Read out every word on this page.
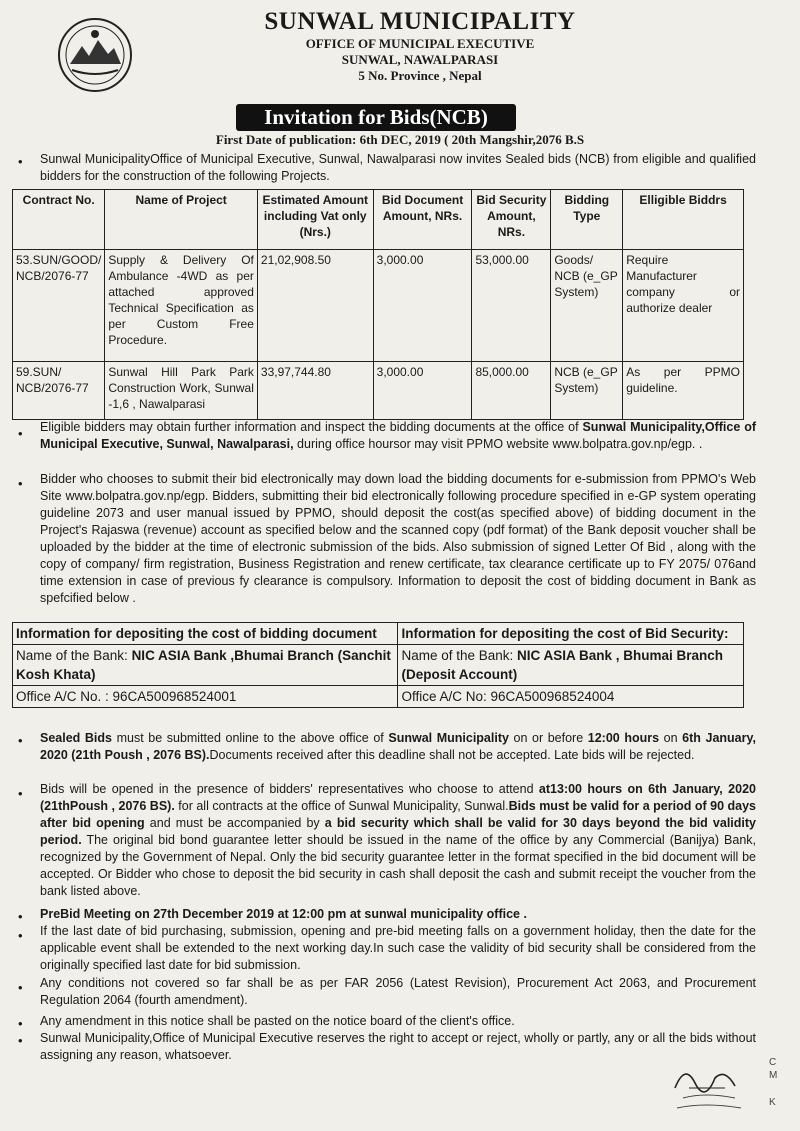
SUNWAL MUNICIPALITY
OFFICE OF MUNICIPAL EXECUTIVE
SUNWAL, NAWALPARASI
5 No. Province , Nepal
Invitation for Bids(NCB)
First Date of publication: 6th DEC, 2019 ( 20th Mangshir,2076 B.S
• Sunwal MunicipalityOffice of Municipal Executive, Sunwal, Nawalparasi now invites Sealed bids (NCB) from eligible and qualified bidders for the construction of the following Projects.
Contract No.	Name of Project	Estimated Amount including Vat only (Nrs.)	Bid Document Amount, NRs.	Bid Security Amount, NRs.	Bidding Type	Elligible Biddrs
53.SUN/GOOD/ NCB/2076-77	Supply & Delivery Of Ambulance -4WD as per attached approved Technical Specification as per Custom Free Procedure.	21,02,908.50	3,000.00	53,000.00	Goods/ NCB (e_GP System)	Require Manufacturer company or authorize dealer
59.SUN/ NCB/2076-77	Sunwal Hill Park Park Construction Work, Sunwal -1,6 , Nawalparasi	33,97,744.80	3,000.00	85,000.00	NCB (e_GP System)	As per PPMO guideline.
• Eligible bidders may obtain further information and inspect the bidding documents at the office of Sunwal Municipality,Office of Municipal Executive, Sunwal, Nawalparasi, during office hoursor may visit PPMO website www.bolpatra.gov.np/egp. .
• Bidder who chooses to submit their bid electronically may down load the bidding documents for e-submission from PPMO's Web Site www.bolpatra.gov.np/egp. Bidders, submitting their bid electronically following procedure specified in e-GP system operating guideline 2073 and user manual issued by PPMO, should deposit the cost(as specified above) of bidding document in the Project's Rajaswa (revenue) account as specified below and the scanned copy (pdf format) of the Bank deposit voucher shall be uploaded by the bidder at the time of electronic submission of the bids. Also submission of signed Letter Of Bid , along with the copy of company/ firm registration, Business Registration and renew certificate, tax clearance certificate up to FY 2075/ 076and time extension in case of previous fy clearance is compulsory. Information to deposit the cost of bidding document in Bank as spefcified below .
Information for depositing the cost of bidding document	Information for depositing the cost of Bid Security:
Name of the Bank: NIC ASIA Bank ,Bhumai Branch (Sanchit Kosh Khata)	Name of the Bank: NIC ASIA Bank , Bhumai Branch (Deposit Account)
Office A/C No. : 96CA500968524001	Office A/C No: 96CA500968524004
• Sealed Bids must be submitted online to the above office of Sunwal Municipality on or before 12:00 hours on 6th January, 2020 (21th Poush , 2076 BS).Documents received after this deadline shall not be accepted. Late bids will be rejected.
• Bids will be opened in the presence of bidders' representatives who choose to attend at13:00 hours on 6th January, 2020 (21thPoush , 2076 BS). for all contracts at the office of Sunwal Municipality, Sunwal.Bids must be valid for a period of 90 days after bid opening and must be accompanied by a bid security which shall be valid for 30 days beyond the bid validity period. The original bid bond guarantee letter should be issued in the name of the office by any Commercial (Banijya) Bank, recognized by the Government of Nepal. Only the bid security guarantee letter in the format specified in the bid document will be accepted. Or Bidder who chose to deposit the bid security in cash shall deposit the cash and submit receipt the voucher from the bank listed above.
• PreBid Meeting on 27th December 2019 at 12:00 pm at sunwal municipality office .
• If the last date of bid purchasing, submission, opening and pre-bid meeting falls on a government holiday, then the date for the applicable event shall be extended to the next working day.In such case the validity of bid security shall be considered from the originally specified last date for bid submission.
• Any conditions not covered so far shall be as per FAR 2056 (Latest Revision), Procurement Act 2063, and Procurement Regulation 2064 (fourth amendment).
• Any amendment in this notice shall be pasted on the notice board of the client's office.
• Sunwal Municipality,Office of Municipal Executive reserves the right to accept or reject, wholly or partly, any or all the bids without assigning any reason, whatsoever.
C
M
K
